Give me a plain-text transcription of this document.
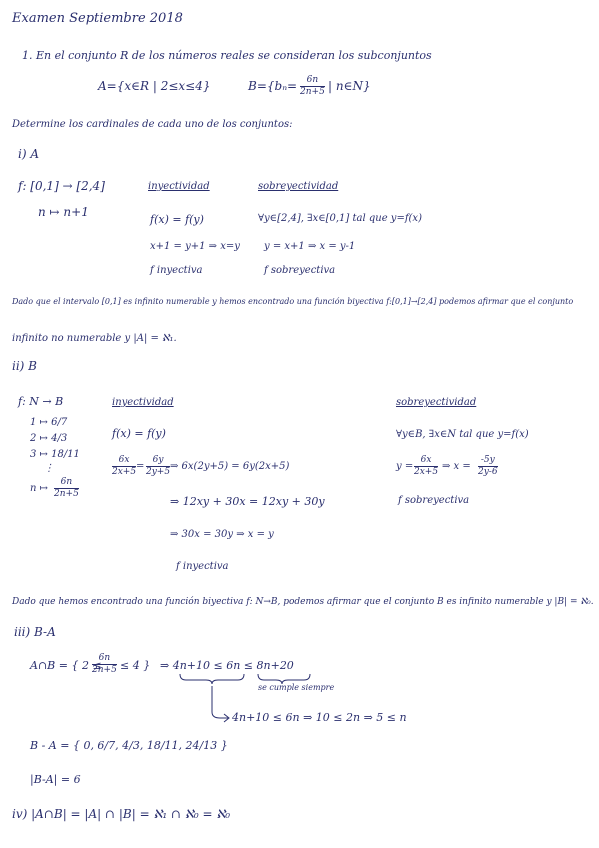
Examen Septiembre 2018
1. En el conjunto R de los números reales se consideran los subconjuntos
A={x∈R | 2≤x≤4}	$B=\{b_n= \frac{6n}{2n+5}$ | n∈N}
Determine los cardinales de cada uno de los conjuntos:
i) A
f: [0,1] → [2,4]
n ↦ n+1
inyectividad
f(x) = f(y)
x+1 = y+1 ⇒ x=y
f inyectiva
sobreyectividad
∀y∈[2,4], ∃x∈[0,1] tal que y=f(x)
y = x+1 ⇒ x = y-1
f sobreyectiva
Dado que el intervalo [0,1] es infinito numerable y hemos encontrado una función biyectiva f:[0,1]→[2,4] podemos afirmar que el conjunto
infinito no numerable y |A| = ℵ₁.
ii) B
f: N → B
1 ↦ 6/7
2 ↦ 4/3
3 ↦ 18/11
⋮
n ↦ $\frac{6n}{2n+5}$
inyectividad
f(x) = f(y)
$\frac{6x}{2x+5} = \frac{6y}{2y+5}$ ⇒ 6x(2y+5) = 6y(2x+5)
⇒ 12xy + 30x = 12xy + 30y
⇒ 30x = 30y ⇒ x = y
f inyectiva
sobreyectividad
∀y∈B, ∃x∈N tal que y=f(x)
$y = \frac{6x}{2x+5}$ ⇒ $x = \frac{-5y}{2y-6}$
f sobreyectiva
Dado que hemos encontrado una función biyectiva f: N→B, podemos afirmar que el conjunto B es infinito numerable y |B| = ℵ₀.
iii) B-A
A∩B = { 2 ≤
$\frac{6n}{2n+5} \le 4$ } ⇒ 4n+10 ≤ 6n ≤ 8n+20
se cumple siempre
4n+10 ≤ 6n ⇒ 10 ≤ 2n ⇒ 5 ≤ n
B - A = { 0, 6/7, 4/3, 18/11, 24/13 }
|B-A| = 6
iv) |A∩B| = |A| ∩ |B| = ℵ₁ ∩ ℵ₀ = ℵ₀
